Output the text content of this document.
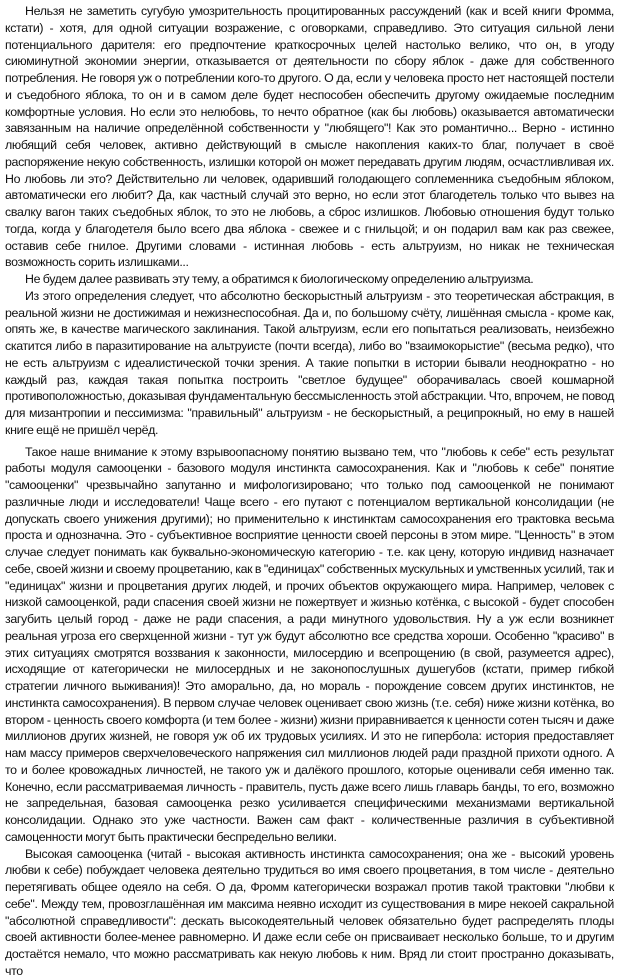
Нельзя не заметить сугубую умозрительность процитированных рассуждений (как и всей книги Фромма, кстати) - хотя, для одной ситуации возражение, с оговорками, справедливо. Это ситуация сильной лени потенциального дарителя: его предпочтение краткосрочных целей настолько велико, что он, в угоду сиюминутной экономии энергии, отказывается от деятельности по сбору яблок - даже для собственного потребления. Не говоря уж о потреблении кого-то другого. О да, если у человека просто нет настоящей постели и съедобного яблока, то он и в самом деле будет неспособен обеспечить другому ожидаемые последним комфортные условия. Но если это нелюбовь, то нечто обратное (как бы любовь) оказывается автоматически завязанным на наличие определённой собственности у "любящего"! Как это романтично... Верно - истинно любящий себя человек, активно действующий в смысле накопления каких-то благ, получает в своё распоряжение некую собственность, излишки которой он может передавать другим людям, осчастливливая их. Но любовь ли это? Действительно ли человек, одаривший голодающего соплеменника съедобным яблоком, автоматически его любит? Да, как частный случай это верно, но если этот благодетель только что вывез на свалку вагон таких съедобных яблок, то это не любовь, а сброс излишков. Любовью отношения будут только тогда, когда у благодетеля было всего два яблока - свежее и с гнильцой; и он подарил вам как раз свежее, оставив себе гнилое. Другими словами - истинная любовь - есть альтруизм, но никак не техническая возможность сорить излишками...

Не будем далее развивать эту тему, а обратимся к биологическому определению альтруизма.

Из этого определения следует, что абсолютно бескорыстный альтруизм - это теоретическая абстракция, в реальной жизни не достижимая и нежизнеспособная. Да и, по большому счёту, лишённая смысла - кроме как, опять же, в качестве магического заклинания. Такой альтруизм, если его попытаться реализовать, неизбежно скатится либо в паразитирование на альтруисте (почти всегда), либо во "взаимокорыстие" (весьма редко), что не есть альтруизм с идеалистической точки зрения. А такие попытки в истории бывали неоднократно - но каждый раз, каждая такая попытка построить "светлое будущее" оборачивалась своей кошмарной противоположностью, доказывая фундаментальную бессмысленность этой абстракции. Что, впрочем, не повод для мизантропии и пессимизма: "правильный" альтруизм - не бескорыстный, а реципрокный, но ему в нашей книге ещё не пришёл черёд.

Такое наше внимание к этому взрывоопасному понятию вызвано тем, что "любовь к себе" есть результат работы модуля самооценки - базового модуля инстинкта самосохранения. Как и "любовь к себе" понятие "самооценки" чрезвычайно запутанно и мифологизировано; что только под самооценкой не понимают различные люди и исследователи! Чаще всего - его путают с потенциалом вертикальной консолидации (не допускать своего унижения другими); но применительно к инстинктам самосохранения его трактовка весьма проста и однозначна. Это - субъективное восприятие ценности своей персоны в этом мире. "Ценность" в этом случае следует понимать как буквально-экономическую категорию - т.е. как цену, которую индивид назначает себе, своей жизни и своему процветанию, как в "единицах" собственных мускульных и умственных усилий, так и "единицах" жизни и процветания других людей, и прочих объектов окружающего мира. Например, человек с низкой самооценкой, ради спасения своей жизни не пожертвует и жизнью котёнка, с высокой - будет способен загубить целый город - даже не ради спасения, а ради минутного удовольствия. Ну а уж если возникнет реальная угроза его сверхценной жизни - тут уж будут абсолютно все средства хороши. Особенно "красиво" в этих ситуациях смотрятся воззвания к законности, милосердию и всепрощению (в свой, разумеется адрес), исходящие от категорически не милосердных и не законопослушных душегубов (кстати, пример гибкой стратегии личного выживания)! Это аморально, да, но мораль - порождение совсем других инстинктов, не инстинкта самосохранения). В первом случае человек оценивает свою жизнь (т.е. себя) ниже жизни котёнка, во втором - ценность своего комфорта (и тем более - жизни) жизни приравнивается к ценности сотен тысяч и даже миллионов других жизней, не говоря уж об их трудовых усилиях. И это не гипербола: история предоставляет нам массу примеров сверхчеловеческого напряжения сил миллионов людей ради праздной прихоти одного. А то и более кровожадных личностей, не такого уж и далёкого прошлого, которые оценивали себя именно так. Конечно, если рассматриваемая личность - правитель, пусть даже всего лишь главарь банды, то его, возможно не запредельная, базовая самооценка резко усиливается специфическими механизмами вертикальной консолидации. Однако это уже частности. Важен сам факт - количественные различия в субъективной самоценности могут быть практически беспредельно велики.

Высокая самооценка (читай - высокая активность инстинкта самосохранения; она же - высокий уровень любви к себе) побуждает человека деятельно трудиться во имя своего процветания, в том числе - деятельно перетягивать общее одеяло на себя. О да, Фромм категорически возражал против такой трактовки "любви к себе". Между тем, провозглашённая им максима неявно исходит из существования в мире некоей сакральной "абсолютной справедливости": дескать высокодеятельный человек обязательно будет распределять плоды своей активности более-менее равномерно. И даже если себе он присваивает несколько больше, то и другим достаётся немало, что можно рассматривать как некую любовь к ним. Вряд ли стоит пространно доказывать, что
